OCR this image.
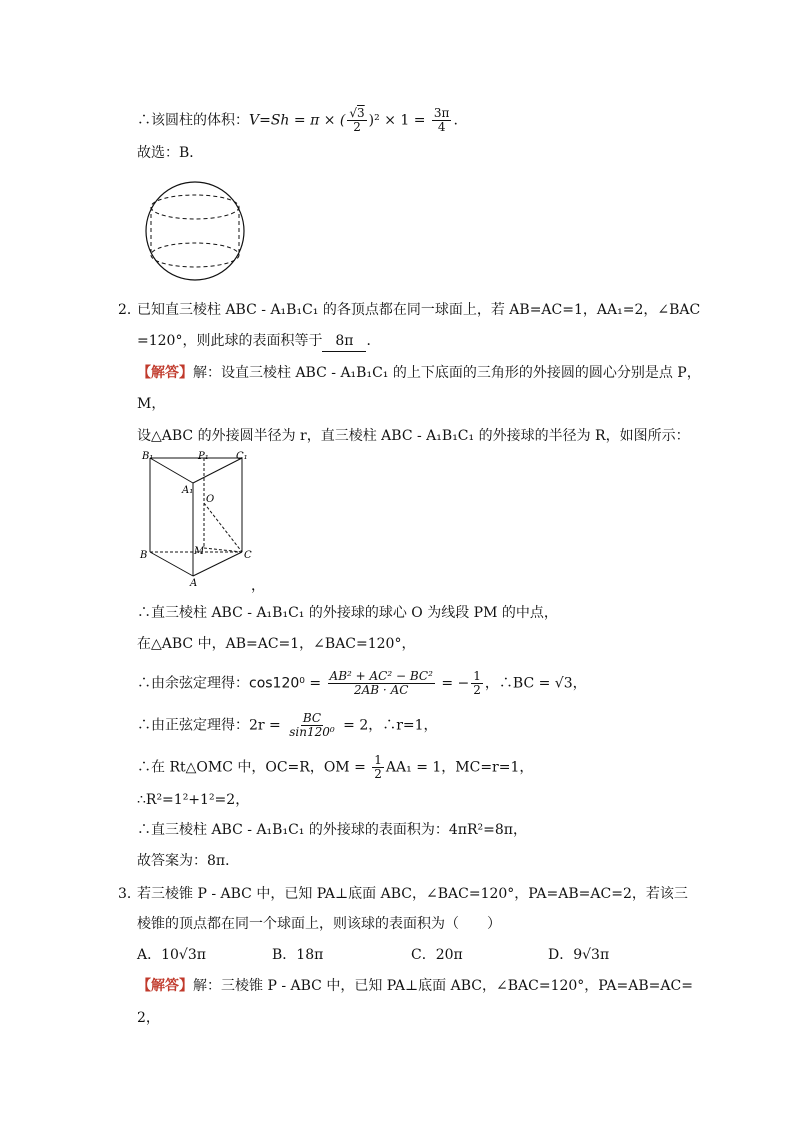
∴该圆柱的体积：V=Sh = π × ( $\frac{√3}{2} )^2 \times 1 = \frac{3\pi}{4}$ .
故选：B．
2．
已知直三棱柱 ABC - A₁B₁C₁ 的各顶点都在同一球面上，若 AB=AC=1，AA₁=2，∠BAC
=120°，则此球的表面积等于 8π ．
【解答】解：设直三棱柱 ABC - A₁B₁C₁ 的上下底面的三角形的外接圆的圆心分别是点 P，
M，
设△ABC 的外接圆半径为 r，直三棱柱 ABC - A₁B₁C₁ 的外接球的半径为 R，如图所示：
B₁	P₁	C₁
A₁
O
B	M	C
A	，
∴直三棱柱 ABC - A₁B₁C₁ 的外接球的球心 O 为线段 PM 的中点，
在△ABC 中，AB=AC=1，∠BAC=120°，
∴由余弦定理得：$\cos 120^0 = \frac{\text{AB² + AC² − BC²}}{2AB \cdot AC}$ = − $\frac{1}{2}$ ，∴BC = √3，
∴由正弦定理得：$2r = \frac{BC}{\text{sin120⁰}} = 2$，∴r=1，
∴在 Rt△OMC 中，OC=R，OM = $\frac{1}{2} AA_1 = 1$，MC=r=1，
∴R²=1²+1²=2，
∴直三棱柱 ABC - A₁B₁C₁ 的外接球的表面积为：4πR²=8π，
故答案为：8π．
3．
若三棱锥 P - ABC 中，已知 PA⊥底面 ABC，∠BAC=120°，PA=AB=AC=2，若该三
棱锥的顶点都在同一个球面上，则该球的表面积为（　　）
A．10√3π	B．18π	C．20π	D．9√3π
【解答】解：三棱锥 P - ABC 中，已知 PA⊥底面 ABC，∠BAC=120°，PA=AB=AC=
2，
